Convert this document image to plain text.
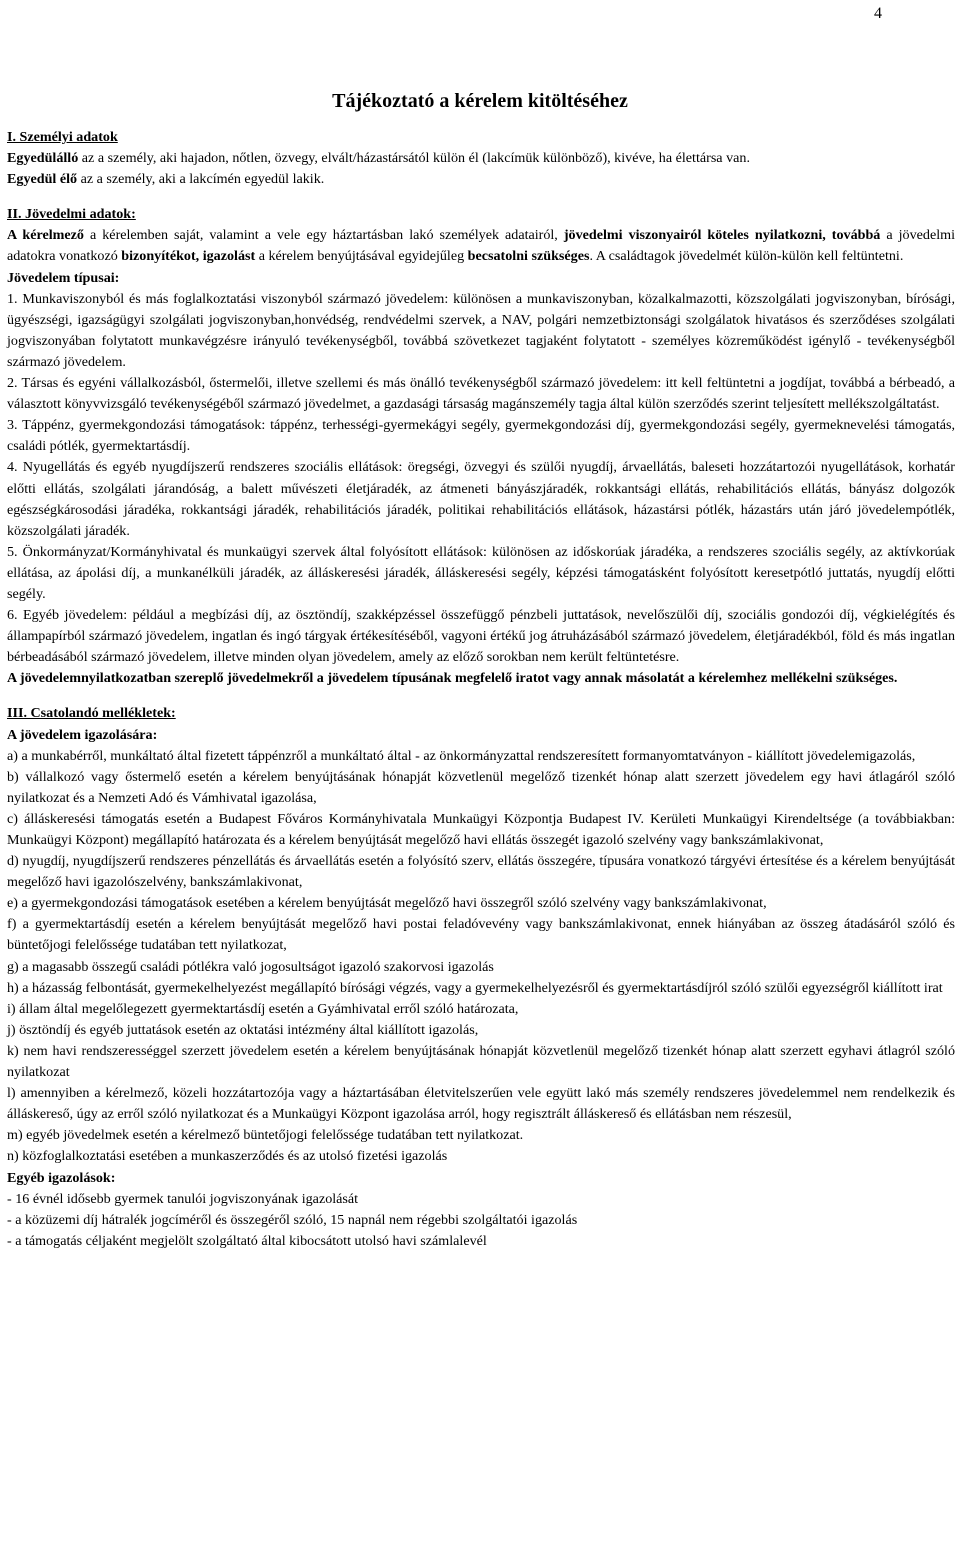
4
Tájékoztató a kérelem kitöltéséhez

I. Személyi adatok

Egyedülálló az a személy, aki hajadon, nőtlen, özvegy, elvált/házastársától külön él (lakcímük különböző), kivéve, ha élettársa van.

Egyedül élő az a személy, aki a lakcímén egyedül lakik.

II. Jövedelmi adatok:

A kérelmező a kérelemben saját, valamint a vele egy háztartásban lakó személyek adatairól, jövedelmi viszonyairól köteles nyilatkozni, továbbá a jövedelmi adatokra vonatkozó bizonyítékot, igazolást a kérelem benyújtásával egyidejűleg becsatolni szükséges. A családtagok jövedelmét külön-külön kell feltüntetni.

Jövedelem típusai:

1. Munkaviszonyból és más foglalkoztatási viszonyból származó jövedelem: különösen a munkaviszonyban, közalkalmazotti, közszolgálati jogviszonyban, bírósági, ügyészségi, igazságügyi szolgálati jogviszonyban,honvédség, rendvédelmi szervek, a NAV, polgári nemzetbiztonsági szolgálatok hivatásos és szerződéses szolgálati jogviszonyában folytatott munkavégzésre irányuló tevékenységből, továbbá szövetkezet tagjaként folytatott - személyes közreműködést igénylő - tevékenységből származó jövedelem.

2. Társas és egyéni vállalkozásból, őstermelői, illetve szellemi és más önálló tevékenységből származó jövedelem: itt kell feltüntetni a jogdíjat, továbbá a bérbeadó, a választott könyvvizsgáló tevékenységéből származó jövedelmet, a gazdasági társaság magánszemély tagja által külön szerződés szerint teljesített mellékszolgáltatást.

3. Táppénz, gyermekgondozási támogatások: táppénz, terhességi-gyermekágyi segély, gyermekgondozási díj, gyermekgondozási segély, gyermeknevelési támogatás, családi pótlék, gyermektartásdíj.

4. Nyugellátás és egyéb nyugdíjszerű rendszeres szociális ellátások: öregségi, özvegyi és szülői nyugdíj, árvaellátás, baleseti hozzátartozói nyugellátások, korhatár előtti ellátás, szolgálati járandóság, a balett művészeti életjáradék, az átmeneti bányászjáradék, rokkantsági ellátás, rehabilitációs ellátás, bányász dolgozók egészségkárosodási járadéka, rokkantsági járadék, rehabilitációs járadék, politikai rehabilitációs ellátások, házastársi pótlék, házastárs után járó jövedelempótlék, közszolgálati járadék.

5. Önkormányzat/Kormányhivatal és munkaügyi szervek által folyósított ellátások: különösen az időskorúak járadéka, a rendszeres szociális segély, az aktívkorúak ellátása, az ápolási díj, a munkanélküli járadék, az álláskeresési járadék, álláskeresési segély, képzési támogatásként folyósított keresetpótló juttatás, nyugdíj előtti segély.

6. Egyéb jövedelem: például a megbízási díj, az ösztöndíj, szakképzéssel összefüggő pénzbeli juttatások, nevelőszülői díj, szociális gondozói díj, végkielégítés és állampapírból származó jövedelem, ingatlan és ingó tárgyak értékesítéséből, vagyoni értékű jog átruházásából származó jövedelem, életjáradékból, föld és más ingatlan bérbeadásából származó jövedelem, illetve minden olyan jövedelem, amely az előző sorokban nem került feltüntetésre.

A jövedelemnyilatkozatban szereplő jövedelmekről a jövedelem típusának megfelelő iratot vagy annak másolatát a kérelemhez mellékelni szükséges.

III. Csatolandó mellékletek:

A jövedelem igazolására:

a) a munkabérről, munkáltató által fizetett táppénzről a munkáltató által - az önkormányzattal rendszeresített formanyomtatványon - kiállított jövedelemigazolás,

b) vállalkozó vagy őstermelő esetén a kérelem benyújtásának hónapját közvetlenül megelőző tizenkét hónap alatt szerzett jövedelem egy havi átlagáról szóló nyilatkozat és a Nemzeti Adó és Vámhivatal igazolása,

c) álláskeresési támogatás esetén a Budapest Főváros Kormányhivatala Munkaügyi Központja Budapest IV. Kerületi Munkaügyi Kirendeltsége (a továbbiakban: Munkaügyi Központ) megállapító határozata és a kérelem benyújtását megelőző havi ellátás összegét igazoló szelvény vagy bankszámlakivonat,

d) nyugdíj, nyugdíjszerű rendszeres pénzellátás és árvaellátás esetén a folyósító szerv, ellátás összegére, típusára vonatkozó tárgyévi értesítése és a kérelem benyújtását megelőző havi igazolószelvény, bankszámlakivonat,

e) a gyermekgondozási támogatások esetében a kérelem benyújtását megelőző havi összegről szóló szelvény vagy bankszámlakivonat,

f) a gyermektartásdíj esetén a kérelem benyújtását megelőző havi postai feladóvevény vagy bankszámlakivonat, ennek hiányában az összeg átadásáról szóló és büntetőjogi felelőssége tudatában tett nyilatkozat,

g) a magasabb összegű családi pótlékra való jogosultságot igazoló szakorvosi igazolás

h) a házasság felbontását, gyermekelhelyezést megállapító bírósági végzés, vagy a gyermekelhelyezésről és gyermektartásdíjról szóló szülői egyezségről kiállított irat

i) állam által megelőlegezett gyermektartásdíj esetén a Gyámhivatal erről szóló határozata,

j) ösztöndíj és egyéb juttatások esetén az oktatási intézmény által kiállított igazolás,

k) nem havi rendszerességgel szerzett jövedelem esetén a kérelem benyújtásának hónapját közvetlenül megelőző tizenkét hónap alatt szerzett egyhavi átlagról szóló nyilatkozat

l) amennyiben a kérelmező, közeli hozzátartozója vagy a háztartásában életvitelszerűen vele együtt lakó más személy rendszeres jövedelemmel nem rendelkezik és álláskereső, úgy az erről szóló nyilatkozat és a Munkaügyi Központ igazolása arról, hogy regisztrált álláskereső és ellátásban nem részesül,

m) egyéb jövedelmek esetén a kérelmező büntetőjogi felelőssége tudatában tett nyilatkozat.

n) közfoglalkoztatási esetében a munkaszerződés és az utolsó fizetési igazolás

Egyéb igazolások:

- 16 évnél idősebb gyermek tanulói jogviszonyának igazolását

- a közüzemi díj hátralék jogcíméről és összegéről szóló, 15 napnál nem régebbi szolgáltatói igazolás

- a támogatás céljaként megjelölt szolgáltató által kibocsátott utolsó havi számlalevél
